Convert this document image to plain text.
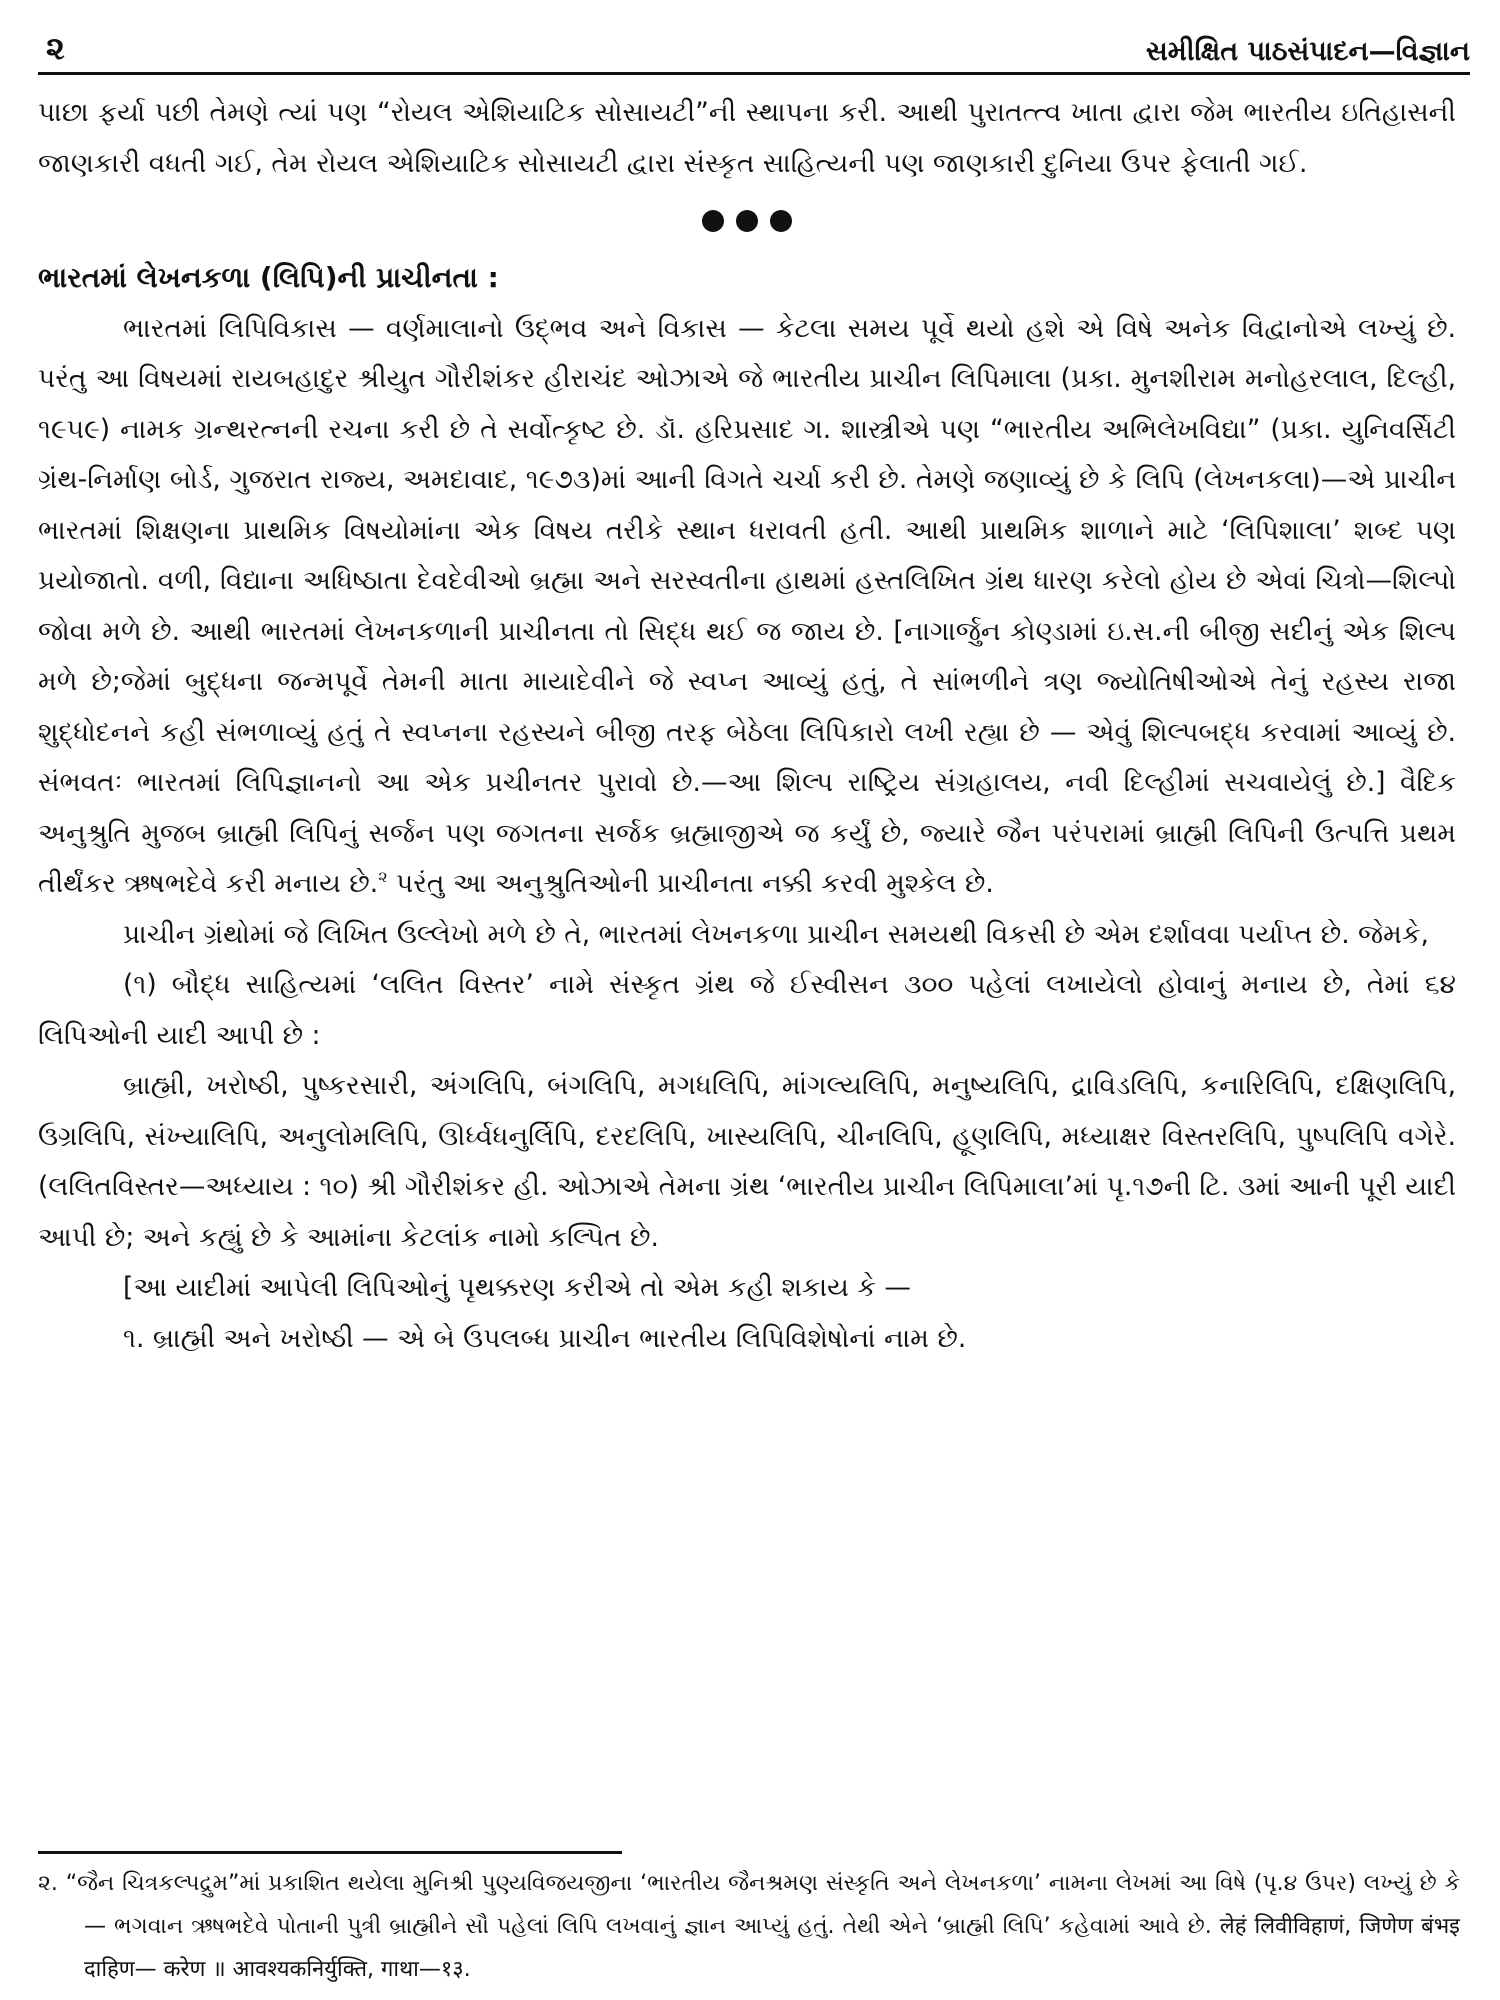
૨	સમીક્ષિત પાઠસંપાદન—વિજ્ઞાન

પાછા ફર્યા પછી તેમણે ત્યાં પણ “રોયલ એશિયાટિક સોસાયટી”ની સ્થાપના કરી. આથી પુરાતત્ત્વ ખાતા દ્વારા જેમ ભારતીય ઇતિહાસની જાણકારી વધતી ગઈ, તેમ રોયલ એશિયાટિક સોસાયટી દ્વારા સંસ્કૃત સાહિત્યની પણ જાણકારી દુનિયા ઉપર ફેલાતી ગઈ.

ભારતમાં લેખનકળા (લિપિ)ની પ્રાચીનતા :

ભારતમાં લિપિવિકાસ — વર્ણમાલાનો ઉદ્ભવ અને વિકાસ — કેટલા સમય પૂર્વે થયો હશે એ વિષે અનેક વિદ્વાનોએ લખ્યું છે. પરંતુ આ વિષયમાં રાયબહાદુર શ્રીયુત ગૌરીશંકર હીરાચંદ ઓઝાએ જે ભારતીય પ્રાચીન લિપિમાલા (પ્રકા. મુનશીરામ મનોહરલાલ, દિલ્હી, ૧૯૫૯) નામક ગ્રન્થરત્નની રચના કરી છે તે સર્વોત્કૃષ્ટ છે. ડૉ. હરિપ્રસાદ ગ. શાસ્ત્રીએ પણ “ભારતીય અભિલેખવિદ્યા” (પ્રકા. યુનિવર્સિટી ગ્રંથ-નિર્માણ બોર્ડ, ગુજરાત રાજ્ય, અમદાવાદ, ૧૯૭૩)માં આની વિગતે ચર્ચા કરી છે. તેમણે જણાવ્યું છે કે લિપિ (લેખનકલા)—એ પ્રાચીન ભારતમાં શિક્ષણના પ્રાથમિક વિષયોમાંના એક વિષય તરીકે સ્થાન ધરાવતી હતી. આથી પ્રાથમિક શાળાને માટે ‘લિપિશાલા’ શબ્દ પણ પ્રયોજાતો. વળી, વિદ્યાના અધિષ્ઠાતા દેવદેવીઓ બ્રહ્મા અને સરસ્વતીના હાથમાં હસ્તલિખિત ગ્રંથ ધારણ કરેલો હોય છે એવાં ચિત્રો—શિલ્પો જોવા મળે છે. આથી ભારતમાં લેખનકળાની પ્રાચીનતા તો સિદ્ધ થઈ જ જાય છે. [નાગાર્જુન કોણ્ડામાં ઇ.સ.ની બીજી સદીનું એક શિલ્પ મળે છે;જેમાં બુદ્ધના જન્મપૂર્વે તેમની માતા માયાદેવીને જે સ્વપ્ન આવ્યું હતું, તે સાંભળીને ત્રણ જ્યોતિષીઓએ તેનું રહસ્ય રાજા શુદ્ધોદનને કહી સંભળાવ્યું હતું તે સ્વપ્નના રહસ્યને બીજી તરફ બેઠેલા લિપિકારો લખી રહ્યા છે — એવું શિલ્પબદ્ધ કરવામાં આવ્યું છે. સંભવતઃ ભારતમાં લિપિજ્ઞાનનો આ એક પ્રચીનતર પુરાવો છે.—આ શિલ્પ રાષ્ટ્રિય સંગ્રહાલય, નવી દિલ્હીમાં સચવાયેલું છે.] વૈદિક અનુશ્રુતિ મુજબ બ્રાહ્મી લિપિનું સર્જન પણ જગતના સર્જક બ્રહ્માજીએ જ કર્યું છે, જ્યારે જૈન પરંપરામાં બ્રાહ્મી લિપિની ઉત્પત્તિ પ્રથમ તીર્થંકર ઋષભદેવે કરી મનાય છે.$^૨$ પરંતુ આ અનુશ્રુતિઓની પ્રાચીનતા નક્કી કરવી મુશ્કેલ છે.

પ્રાચીન ગ્રંથોમાં જે લિખિત ઉલ્લેખો મળે છે તે, ભારતમાં લેખનકળા પ્રાચીન સમયથી વિકસી છે એમ દર્શાવવા પર્યાપ્ત છે. જેમકે,

(૧) બૌદ્ધ સાહિત્યમાં ‘લલિત વિસ્તર’ નામે સંસ્કૃત ગ્રંથ જે ઈસ્વીસન ૩૦૦ પહેલાં લખાયેલો હોવાનું મનાય છે, તેમાં ૬૪ લિપિઓની યાદી આપી છે :

બ્રાહ્મી, ખરોષ્ઠી, પુષ્કરસારી, અંગલિપિ, બંગલિપિ, મગધલિપિ, માંગલ્યલિપિ, મનુષ્યલિપિ, દ્રાવિડલિપિ, કનારિલિપિ, દક્ષિણલિપિ, ઉગ્રલિપિ, સંખ્યાલિપિ, અનુલોમલિપિ, ઊર્ધ્વધનુર્લિપિ, દરદલિપિ, ખાસ્યલિપિ, ચીનલિપિ, હૂણલિપિ, મધ્યાક્ષર વિસ્તરલિપિ, પુષ્પલિપિ વગેરે. (લલિતવિસ્તર—અધ્યાય : ૧૦) શ્રી ગૌરીશંકર હી. ઓઝાએ તેમના ગ્રંથ ‘ભારતીય પ્રાચીન લિપિમાલા’માં પૃ.૧૭ની ટિ. ૩માં આની પૂરી યાદી આપી છે; અને કહ્યું છે કે આમાંના કેટલાંક નામો કલ્પિત છે.

[આ યાદીમાં આપેલી લિપિઓનું પૃથક્કરણ કરીએ તો એમ કહી શકાય કે —

૧. બ્રાહ્મી અને ખરોષ્ઠી — એ બે ઉપલબ્ધ પ્રાચીન ભારતીય લિપિવિશેષોનાં નામ છે.

૨. “જૈન ચિત્રકલ્પદ્રુમ”માં પ્રકાશિત થયેલા મુનિશ્રી પુણ્યવિજયજીના ‘ભારતીય જૈનશ્રમણ સંસ્કૃતિ અને લેખનકળા’ નામના લેખમાં આ વિષે (પૃ.૪ ઉપર) લખ્યું છે કે — ભગવાન ઋષભદેવે પોતાની પુત્રી બ્રાહ્મીને સૌ પહેલાં લિપિ લખવાનું જ્ઞાન આપ્યું હતું. તેથી એને ‘બ્રાહ્મી લિપિ’ કહેવામાં આવે છે. लेहं लिवीविहाणं, जिणेण बंभइ दाहिण— करेण ॥ आवश्यकनिर्युक्ति, गाथा—१३.
